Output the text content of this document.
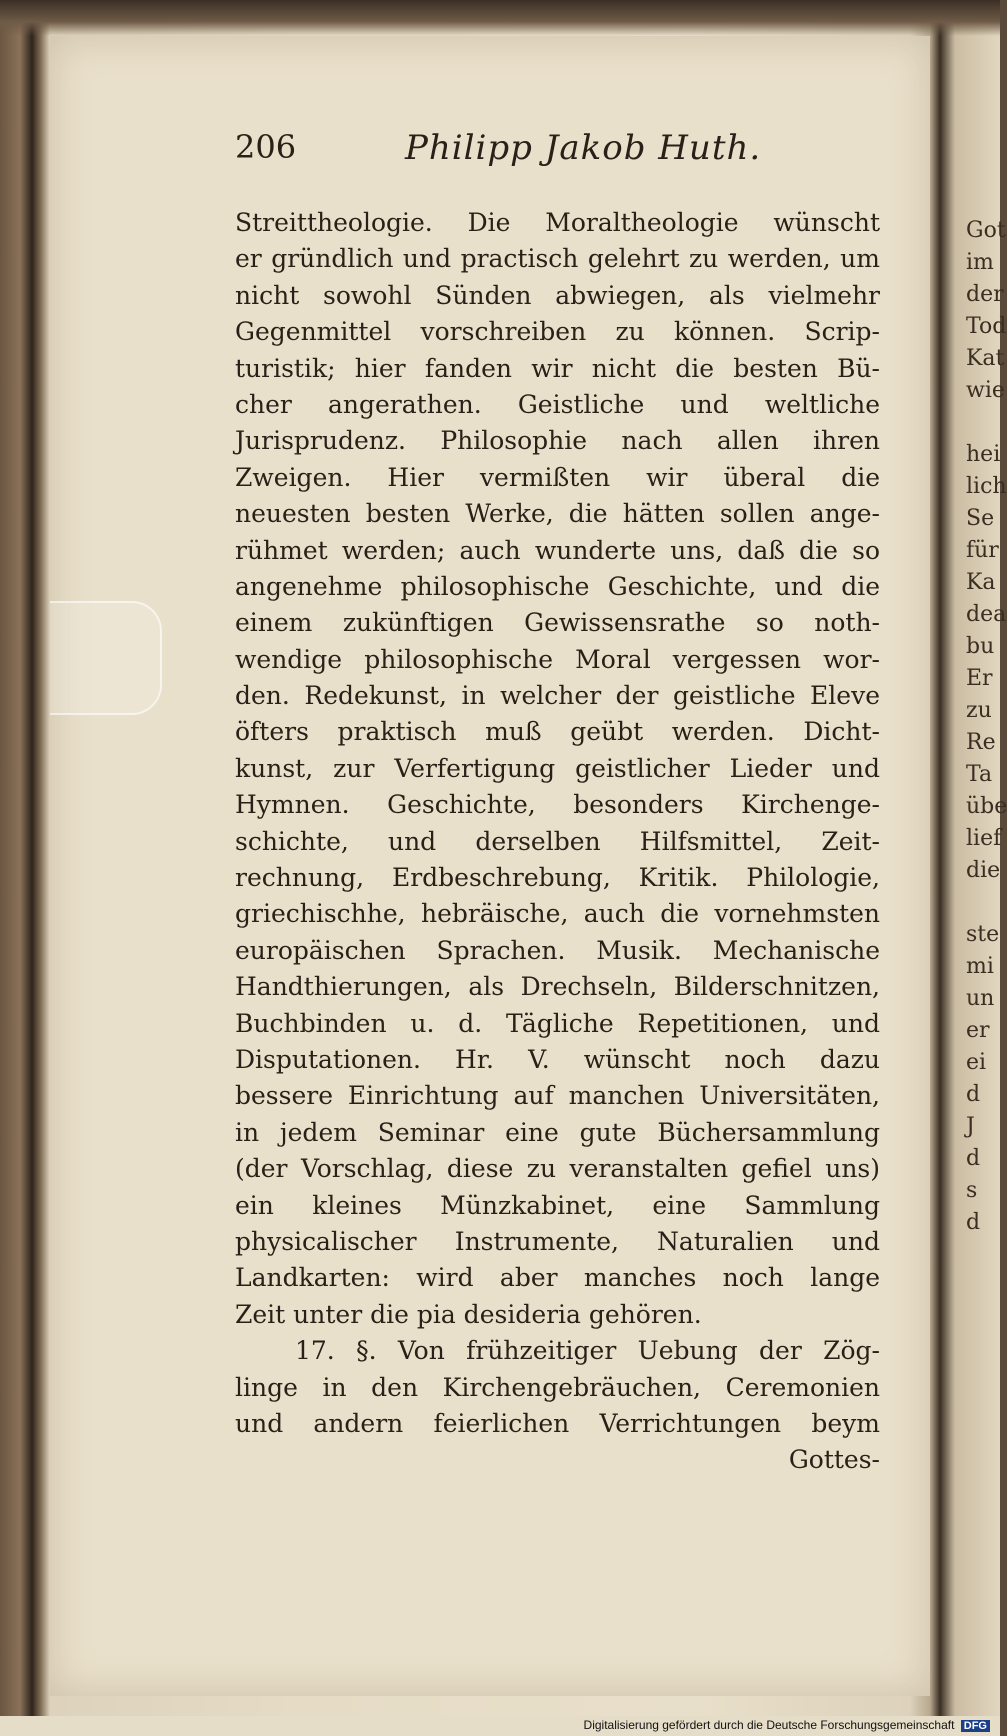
206	Philipp Jakob Huth.
Streittheologie. Die Moraltheologie wünscht
er gründlich und practisch gelehrt zu werden, um
nicht sowohl Sünden abwiegen, als vielmehr
Gegenmittel vorschreiben zu können. Scrip-
turistik; hier fanden wir nicht die besten Bü-
cher angerathen. Geistliche und weltliche
Jurisprudenz. Philosophie nach allen ihren
Zweigen. Hier vermißten wir überal die
neuesten besten Werke, die hätten sollen ange-
rühmet werden; auch wunderte uns, daß die so
angenehme philosophische Geschichte, und die
einem zukünftigen Gewissensrathe so noth-
wendige philosophische Moral vergessen wor-
den. Redekunst, in welcher der geistliche Eleve
öfters praktisch muß geübt werden. Dicht-
kunst, zur Verfertigung geistlicher Lieder und
Hymnen. Geschichte, besonders Kirchenge-
schichte, und derselben Hilfsmittel, Zeit-
rechnung, Erdbeschrebung, Kritik. Philologie,
griechischhe, hebräische, auch die vornehmsten
europäischen Sprachen. Musik. Mechanische
Handthierungen, als Drechseln, Bilderschnitzen,
Buchbinden u. d. Tägliche Repetitionen, und
Disputationen. Hr. V. wünscht noch dazu
bessere Einrichtung auf manchen Universitäten,
in jedem Seminar eine gute Büchersammlung
(der Vorschlag, diese zu veranstalten gefiel uns)
ein kleines Münzkabinet, eine Sammlung
physicalischer Instrumente, Naturalien und
Landkarten: wird aber manches noch lange
Zeit unter die pia desideria gehören.
17. §. Von frühzeitiger Uebung der Zög-
linge in den Kirchengebräuchen, Ceremonien
und andern feierlichen Verrichtungen beym
Gottes-
Got
im
der
Tod
Kat
wie
hei
lich
Se
für
Ka
dea
bu
Er
zu
Re
Ta
übe
lief
die
ste
mi
un
er
ei
d
J
d
s
d
Digitalisierung gefördert durch die Deutsche Forschungsgemeinschaft DFG
